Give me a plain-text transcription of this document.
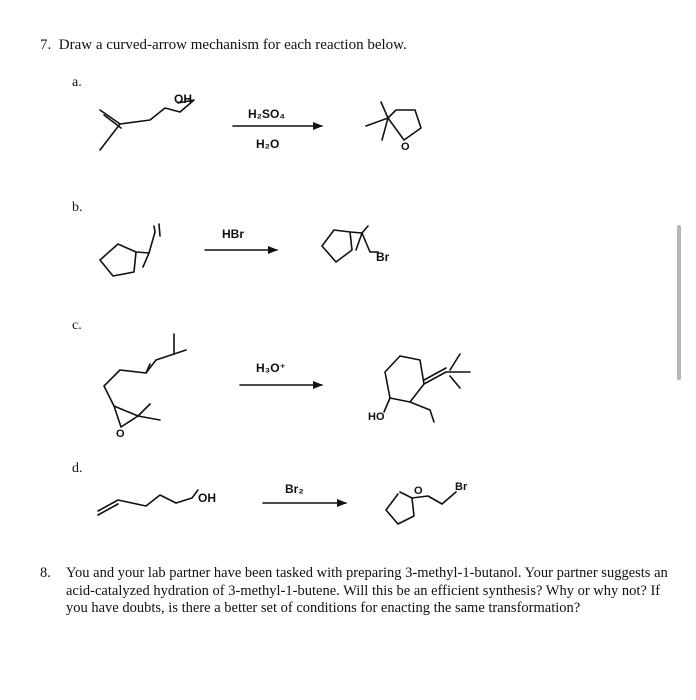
7. Draw a curved-arrow mechanism for each reaction below.
a.
b.
c.
d.
OH
H₂SO₄
H₂O	O
HBr
Br
O
H₃O⁺
HO
OH
Br₂	O	Br
8. You and your lab partner have been tasked with preparing 3-methyl-1-butanol. Your partner suggests an acid-catalyzed hydration of 3-methyl-1-butene. Will this be an efficient synthesis? Why or why not? If you have doubts, is there a better set of conditions for enacting the same transformation?
